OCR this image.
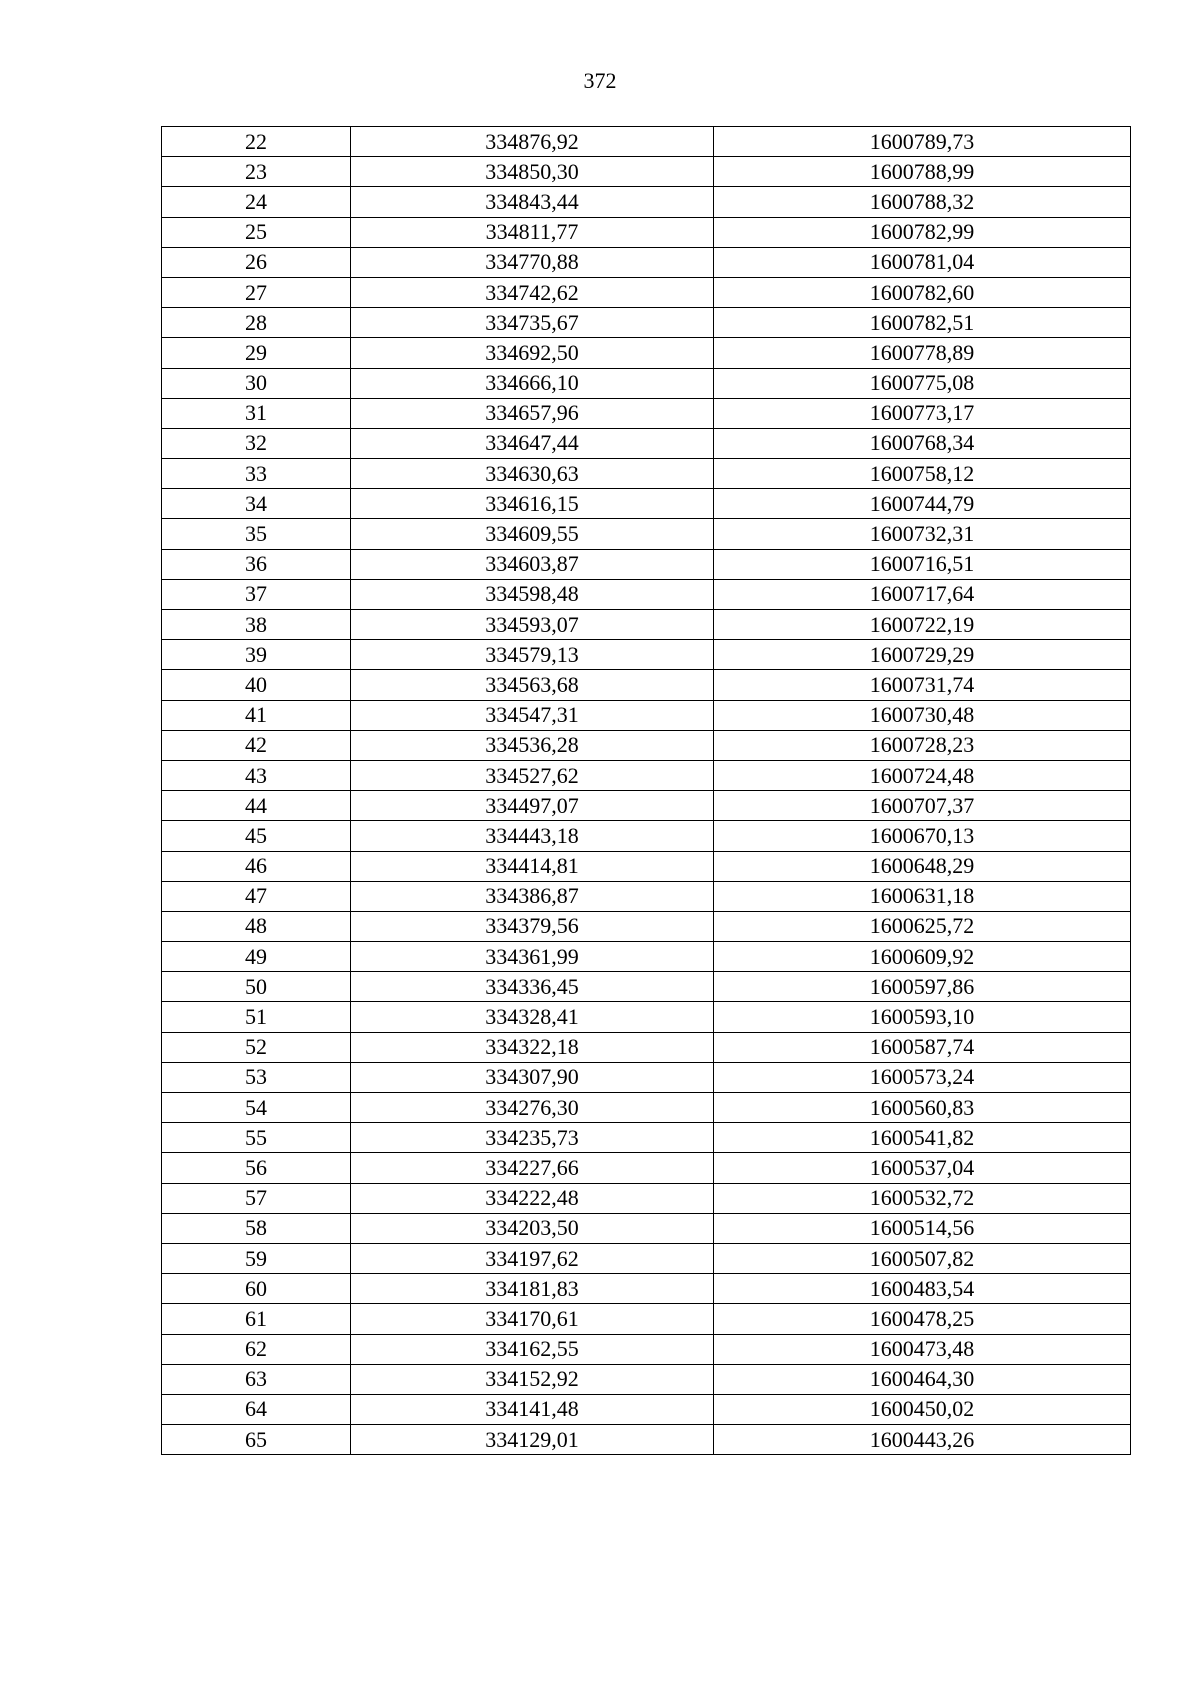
372
22	334876,92	1600789,73
23	334850,30	1600788,99
24	334843,44	1600788,32
25	334811,77	1600782,99
26	334770,88	1600781,04
27	334742,62	1600782,60
28	334735,67	1600782,51
29	334692,50	1600778,89
30	334666,10	1600775,08
31	334657,96	1600773,17
32	334647,44	1600768,34
33	334630,63	1600758,12
34	334616,15	1600744,79
35	334609,55	1600732,31
36	334603,87	1600716,51
37	334598,48	1600717,64
38	334593,07	1600722,19
39	334579,13	1600729,29
40	334563,68	1600731,74
41	334547,31	1600730,48
42	334536,28	1600728,23
43	334527,62	1600724,48
44	334497,07	1600707,37
45	334443,18	1600670,13
46	334414,81	1600648,29
47	334386,87	1600631,18
48	334379,56	1600625,72
49	334361,99	1600609,92
50	334336,45	1600597,86
51	334328,41	1600593,10
52	334322,18	1600587,74
53	334307,90	1600573,24
54	334276,30	1600560,83
55	334235,73	1600541,82
56	334227,66	1600537,04
57	334222,48	1600532,72
58	334203,50	1600514,56
59	334197,62	1600507,82
60	334181,83	1600483,54
61	334170,61	1600478,25
62	334162,55	1600473,48
63	334152,92	1600464,30
64	334141,48	1600450,02
65	334129,01	1600443,26
